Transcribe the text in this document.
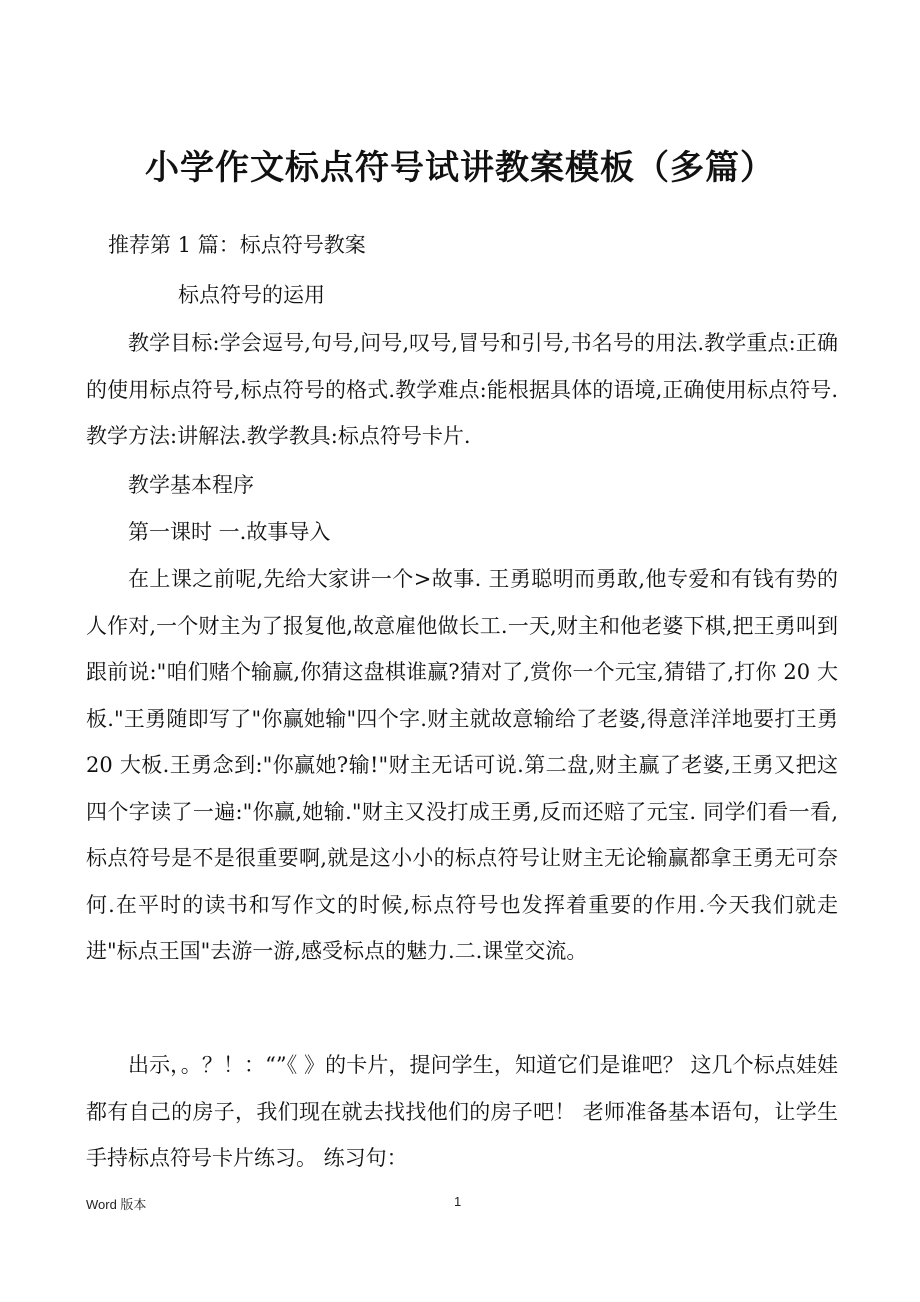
小学作文标点符号试讲教案模板（多篇）

推荐第 1 篇：标点符号教案

标点符号的运用

教学目标:学会逗号,句号,问号,叹号,冒号和引号,书名号的用法.教学重点:正确的使用标点符号,标点符号的格式.教学难点:能根据具体的语境,正确使用标点符号.教学方法:讲解法.教学教具:标点符号卡片.

教学基本程序

第一课时 一.故事导入

在上课之前呢,先给大家讲一个>故事. 王勇聪明而勇敢,他专爱和有钱有势的人作对,一个财主为了报复他,故意雇他做长工.一天,财主和他老婆下棋,把王勇叫到跟前说:"咱们赌个输赢,你猜这盘棋谁赢?猜对了,赏你一个元宝,猜错了,打你 20 大板."王勇随即写了"你赢她输"四个字.财主就故意输给了老婆,得意洋洋地要打王勇 20 大板.王勇念到:"你赢她?输!"财主无话可说.第二盘,财主赢了老婆,王勇又把这四个字读了一遍:"你赢,她输."财主又没打成王勇,反而还赔了元宝. 同学们看一看,标点符号是不是很重要啊,就是这小小的标点符号让财主无论输赢都拿王勇无可奈何.在平时的读书和写作文的时候,标点符号也发挥着重要的作用.今天我们就走进"标点王国"去游一游,感受标点的魅力.二.课堂交流。

出示，。？！：“”《 》的卡片，提问学生，知道它们是谁吧？ 这几个标点娃娃都有自己的房子，我们现在就去找找他们的房子吧！ 老师准备基本语句，让学生手持标点符号卡片练习。 练习句：

Word 版本	1
